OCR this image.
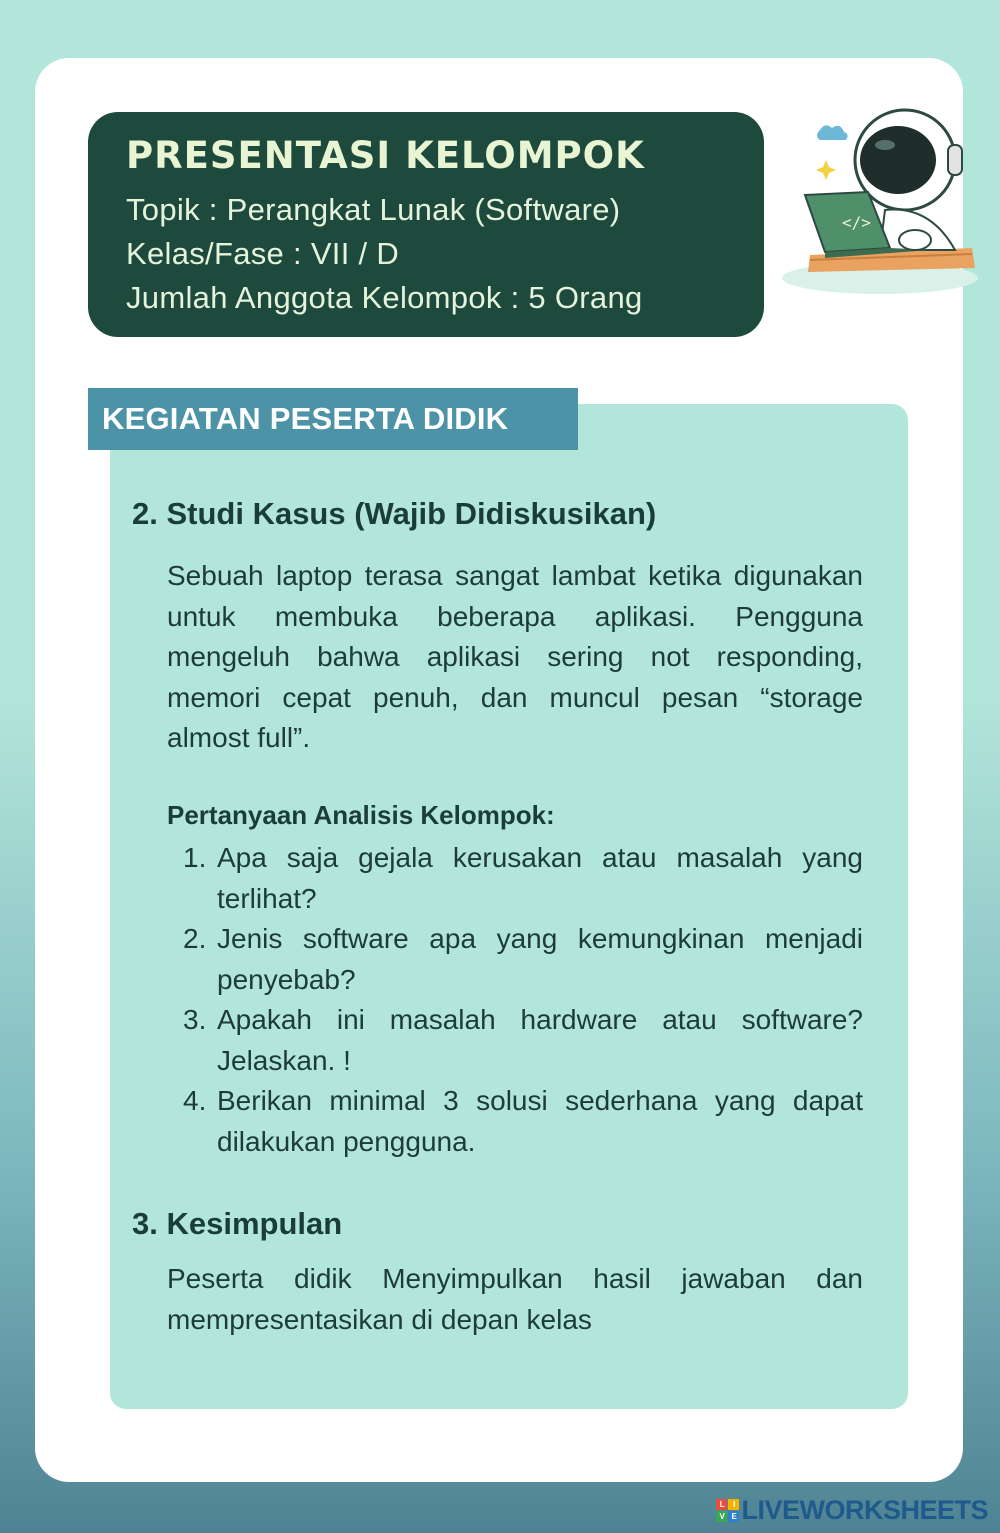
PRESENTASI KELOMPOK
Topik : Perangkat Lunak (Software)
Kelas/Fase : VII / D
Jumlah Anggota Kelompok : 5 Orang
</>
KEGIATAN PESERTA DIDIK
2. Studi Kasus (Wajib Didiskusikan)
Sebuah laptop terasa sangat lambat ketika digunakan untuk membuka beberapa aplikasi. Pengguna mengeluh bahwa aplikasi sering not responding, memori cepat penuh, dan muncul pesan “storage almost full”.
Pertanyaan Analisis Kelompok:
1. Apa saja gejala kerusakan atau masalah yang terlihat?
2. Jenis software apa yang kemungkinan menjadi penyebab?
3. Apakah ini masalah hardware atau software? Jelaskan. !
4. Berikan minimal 3 solusi sederhana yang dapat dilakukan pengguna.
3. Kesimpulan
Peserta didik Menyimpulkan hasil jawaban dan mempresentasikan di depan kelas
L	I
V E LIVEWORKSHEETS
